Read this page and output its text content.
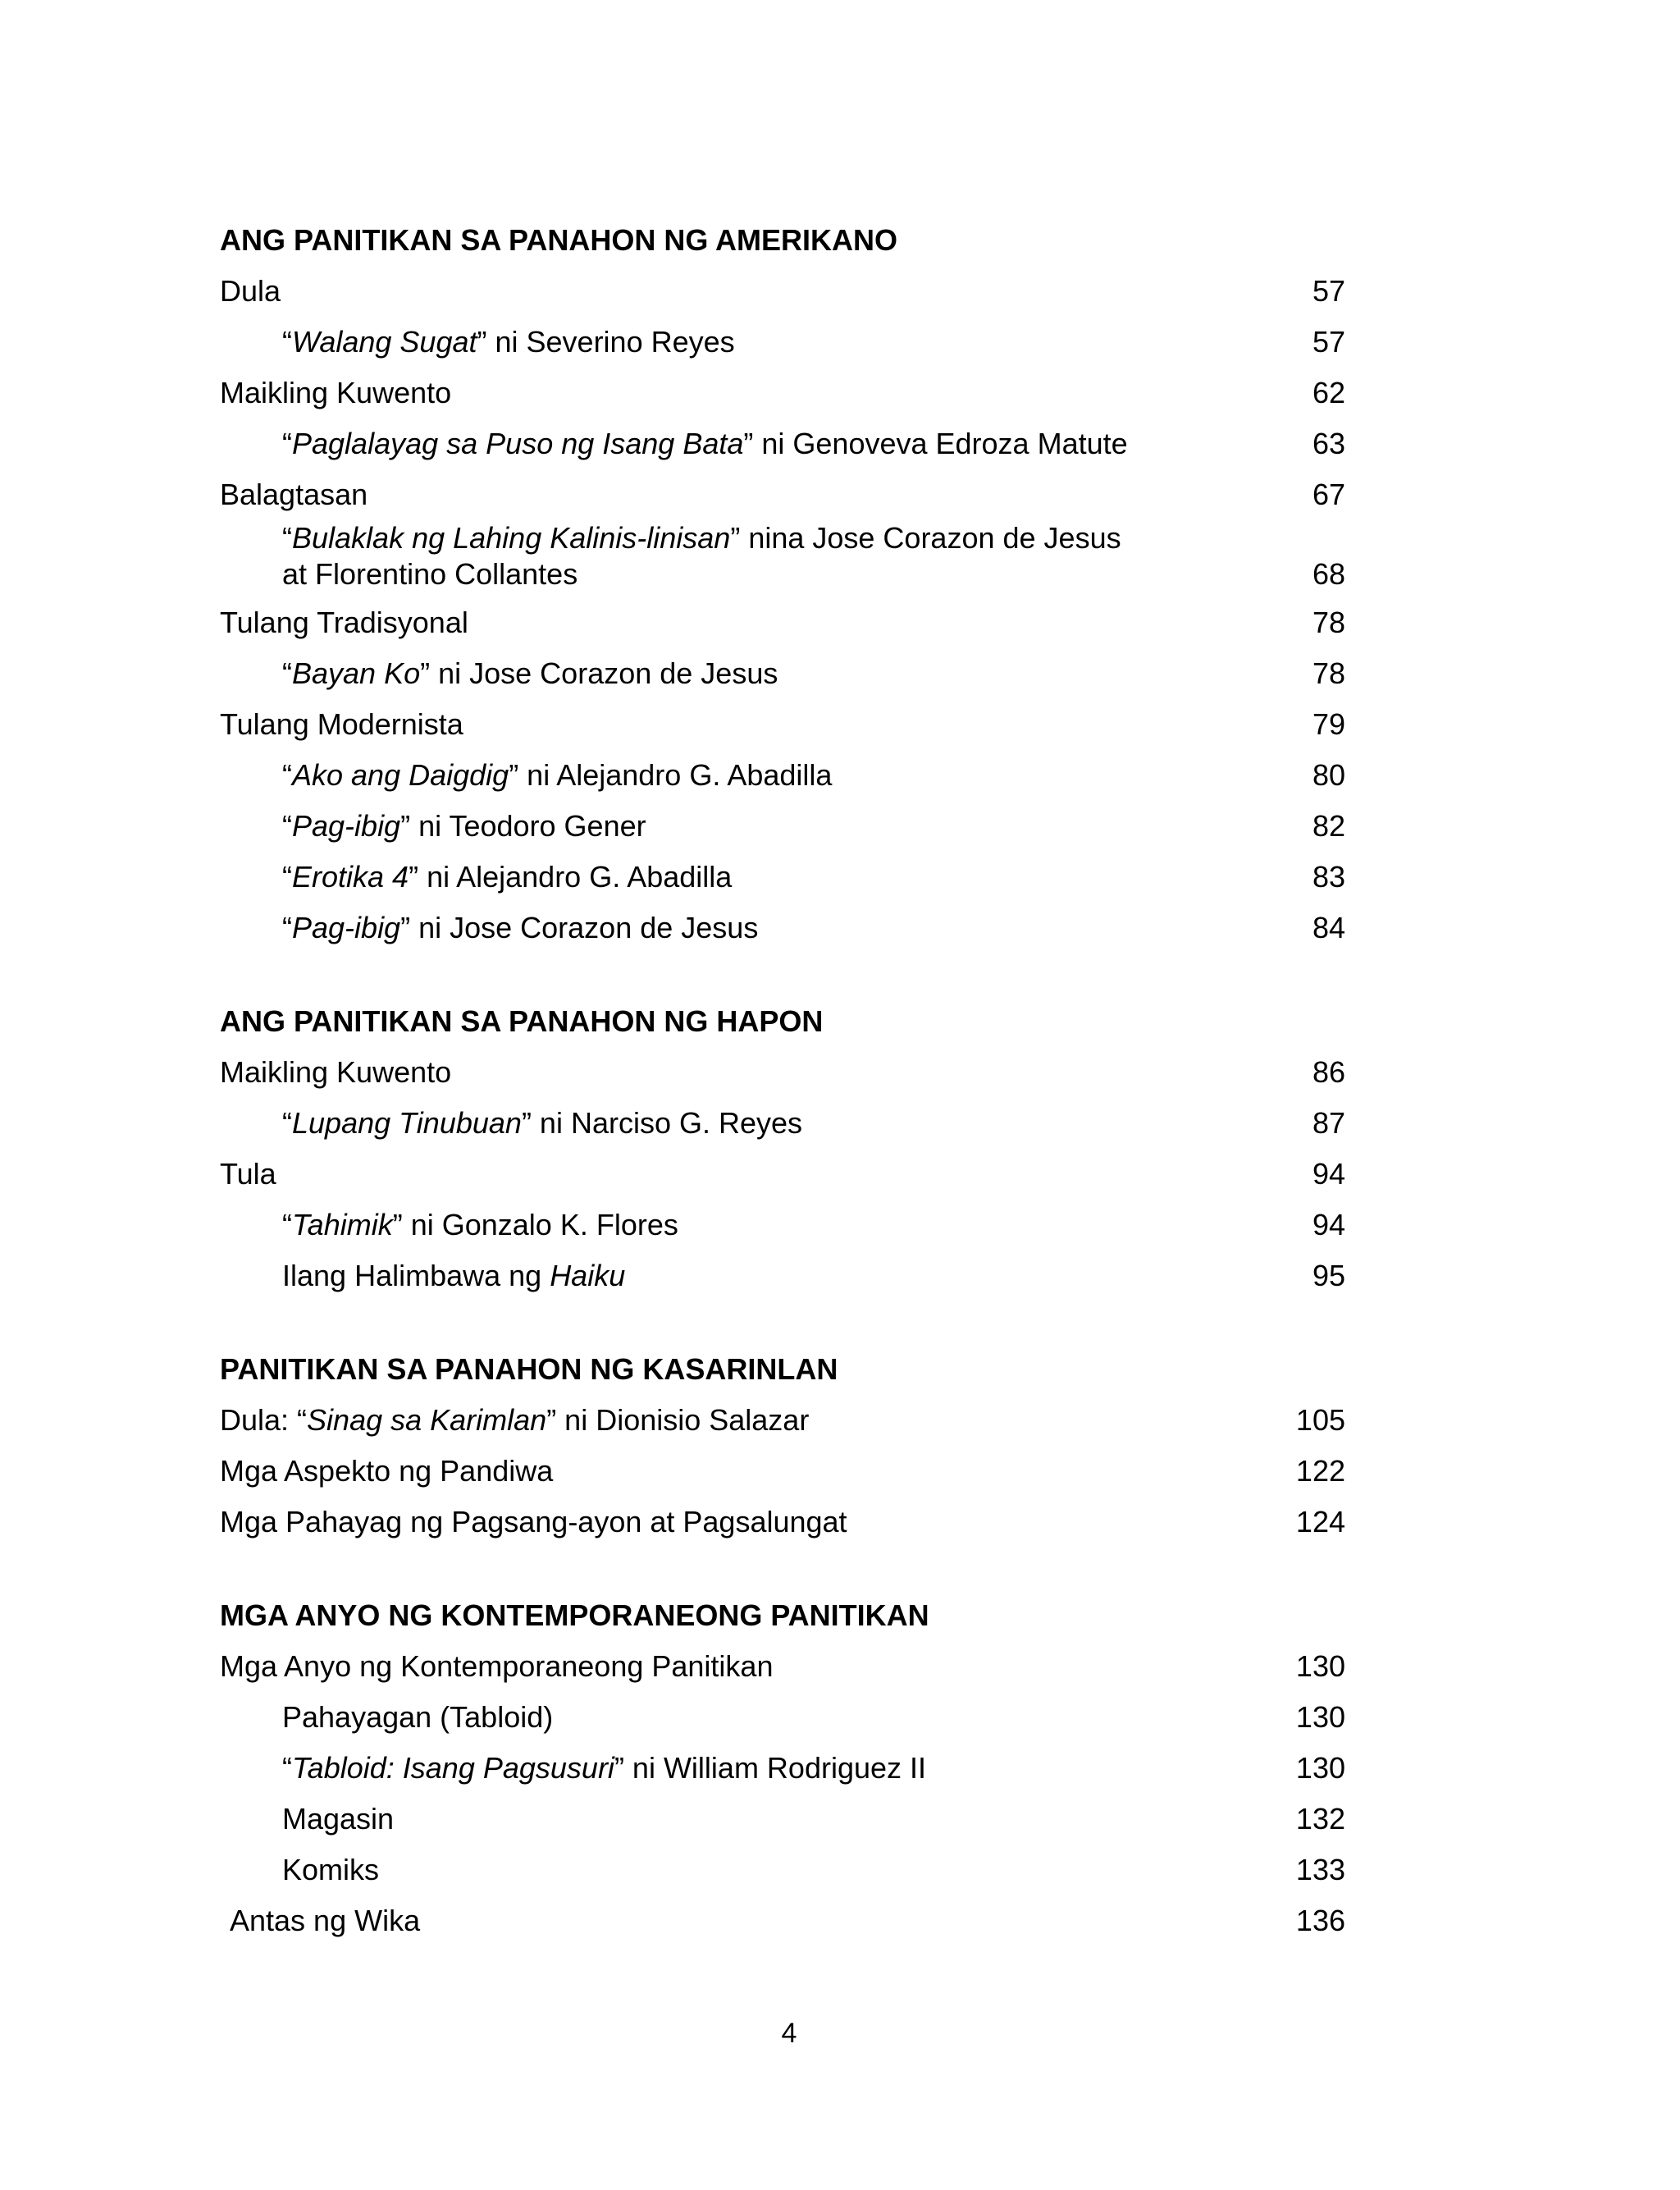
ANG PANITIKAN SA PANAHON NG AMERIKANO
Dula	57
“Walang Sugat” ni Severino Reyes	57
Maikling Kuwento	62
“Paglalayag sa Puso ng Isang Bata” ni Genoveva Edroza Matute	63
Balagtasan	67
“Bulaklak ng Lahing Kalinis-linisan” nina Jose Corazon de Jesus
at Florentino Collantes	68
Tulang Tradisyonal	78
“Bayan Ko” ni Jose Corazon de Jesus	78
Tulang Modernista	79
“Ako ang Daigdig” ni Alejandro G. Abadilla	80
“Pag-ibig” ni Teodoro Gener	82
“Erotika 4” ni Alejandro G. Abadilla	83
“Pag-ibig” ni Jose Corazon de Jesus	84
ANG PANITIKAN SA PANAHON NG HAPON
Maikling Kuwento	86
“Lupang Tinubuan” ni Narciso G. Reyes	87
Tula	94
“Tahimik” ni Gonzalo K. Flores	94
Ilang Halimbawa ng Haiku	95
PANITIKAN SA PANAHON NG KASARINLAN
Dula: “Sinag sa Karimlan” ni Dionisio Salazar	105
Mga Aspekto ng Pandiwa	122
Mga Pahayag ng Pagsang-ayon at Pagsalungat	124
MGA ANYO NG KONTEMPORANEONG PANITIKAN
Mga Anyo ng Kontemporaneong Panitikan	130
Pahayagan (Tabloid)	130
“Tabloid: Isang Pagsusuri” ni William Rodriguez II	130
Magasin	132
Komiks	133
Antas ng Wika	136
4
